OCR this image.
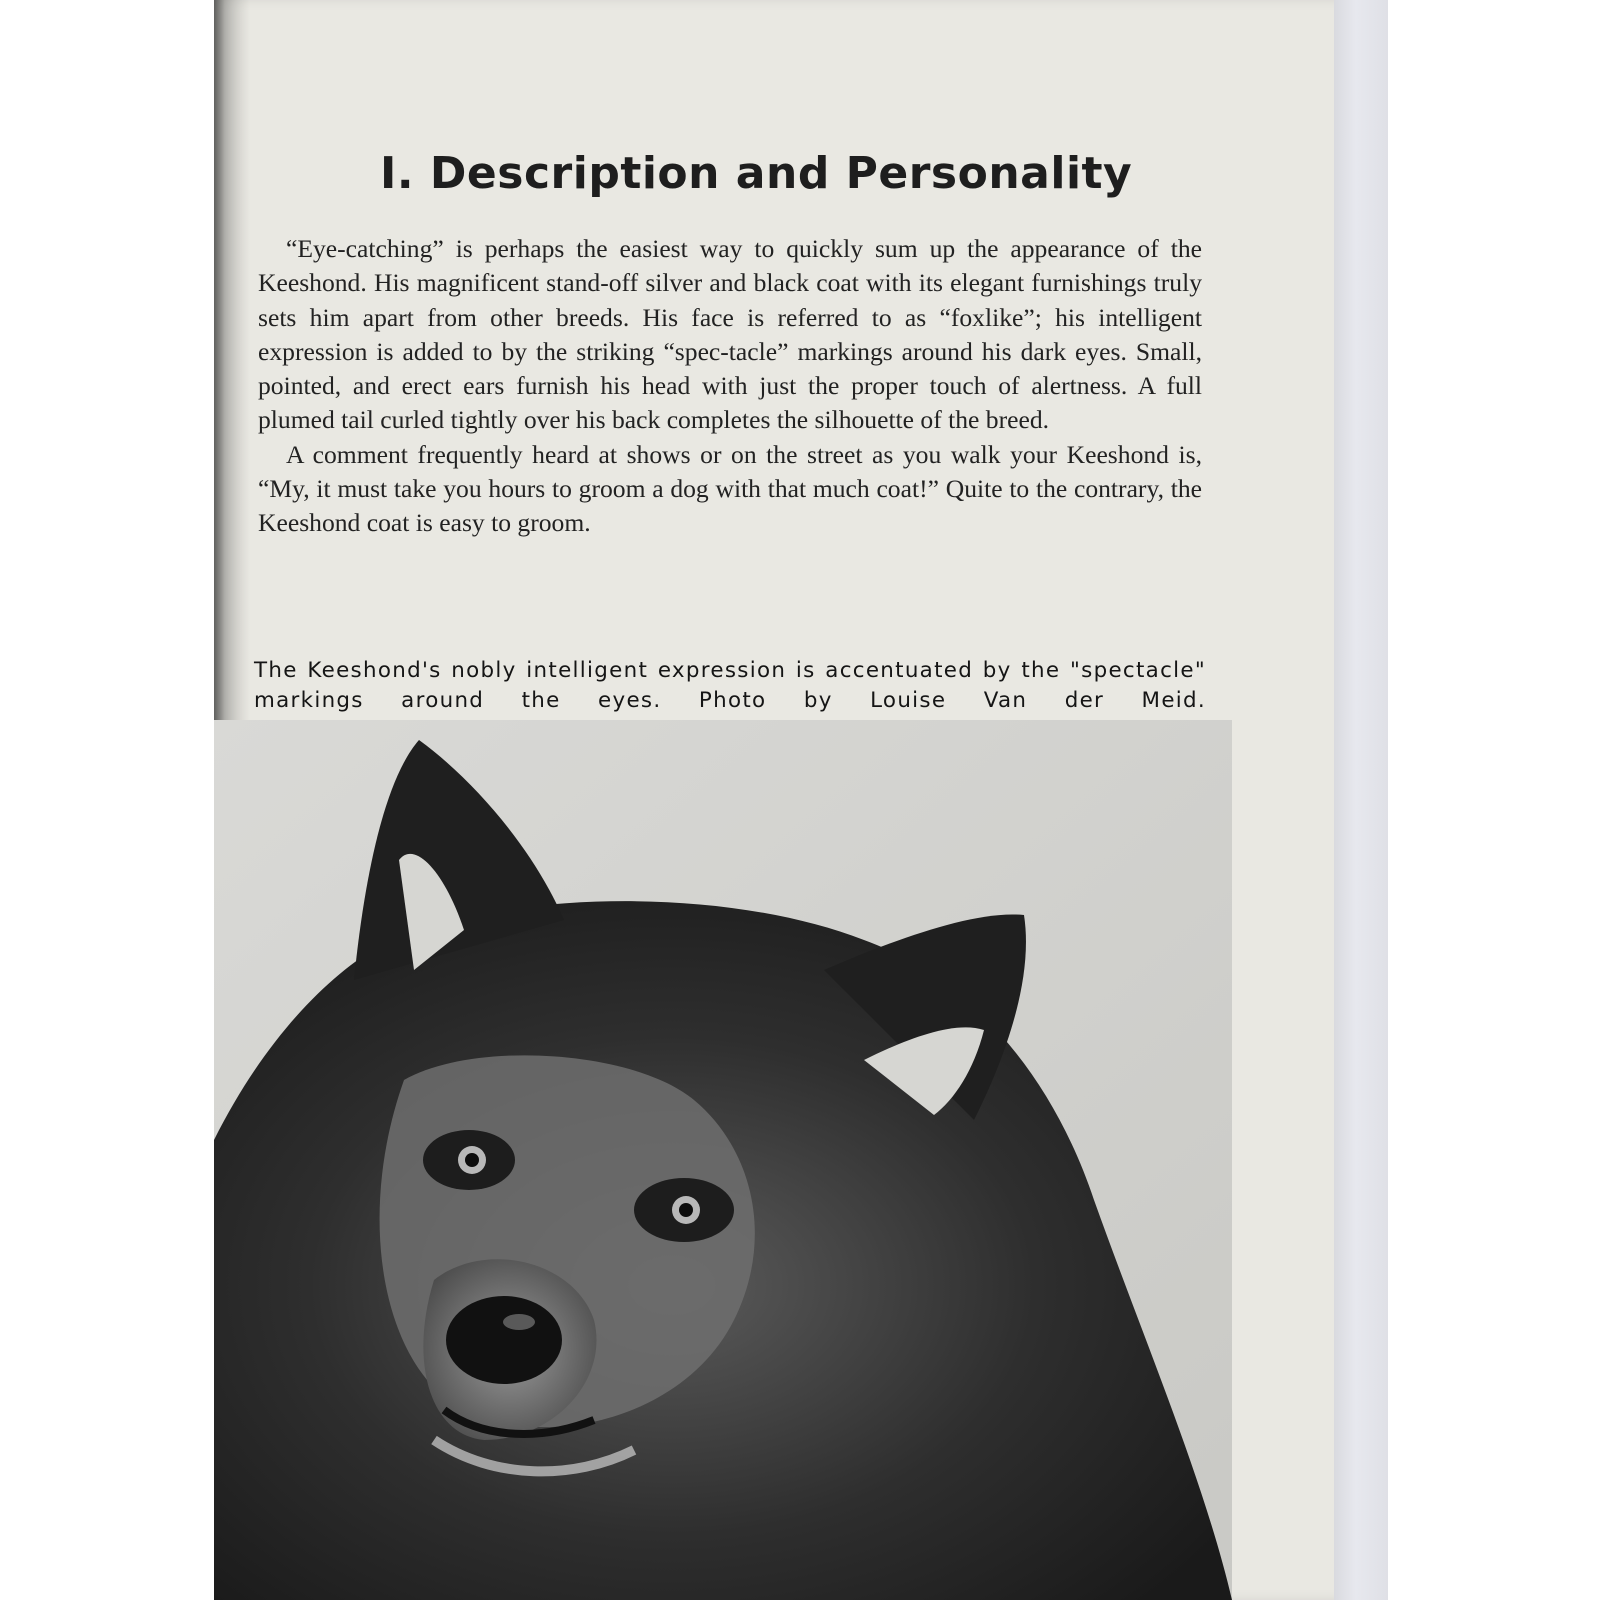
I. Description and Personality

“Eye-catching” is perhaps the easiest way to quickly sum up the appearance of the Keeshond. His magnificent stand-off silver and black coat with its elegant furnishings truly sets him apart from other breeds. His face is referred to as “foxlike”; his intelligent expression is added to by the striking “spec-tacle” markings around his dark eyes. Small, pointed, and erect ears furnish his head with just the proper touch of alertness. A full plumed tail curled tightly over his back completes the silhouette of the breed.

A comment frequently heard at shows or on the street as you walk your Keeshond is, “My, it must take you hours to groom a dog with that much coat!” Quite to the contrary, the Keeshond coat is easy to groom.

The Keeshond's nobly intelligent expression is accentuated by the "spectacle" markings around the eyes. Photo by Louise Van der Meid.
